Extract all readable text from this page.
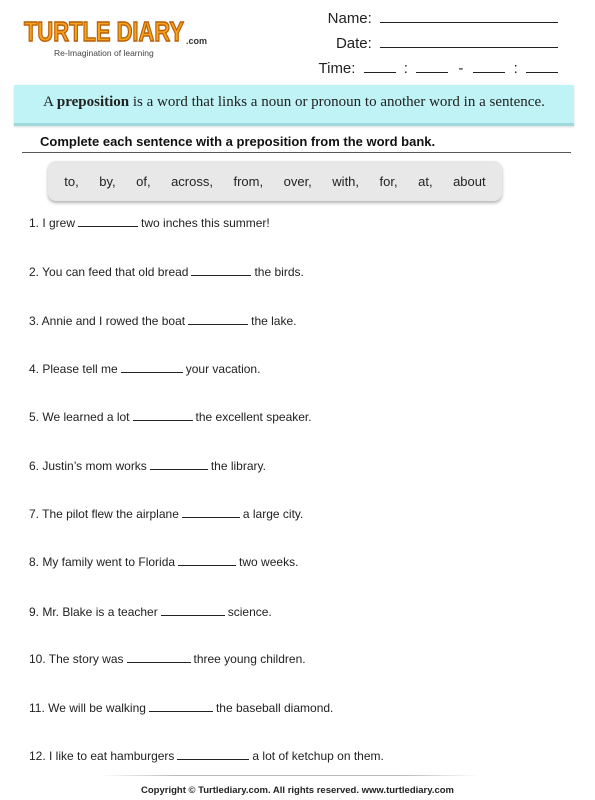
TURTLE DIARY .com
Re-Imagination of learning
Name:
Date:
Time:	:	-	:
A preposition is a word that links a noun or pronoun to another word in a sentence.
Complete each sentence with a preposition from the word bank.
to, by, of, across, from, over, with, for, at, about
1. I grew	two inches this summer!
2. You can feed that old bread	the birds.
3. Annie and I rowed the boat	the lake.
4. Please tell me	your vacation.
5. We learned a lot	the excellent speaker.
6. Justin’s mom works	the library.
7. The pilot flew the airplane	a large city.
8. My family went to Florida	two weeks.
9. Mr. Blake is a teacher	science.
10. The story was	three young children.
11. We will be walking	the baseball diamond.
12. I like to eat hamburgers	a lot of ketchup on them.
Copyright © Turtlediary.com. All rights reserved. www.turtlediary.com
